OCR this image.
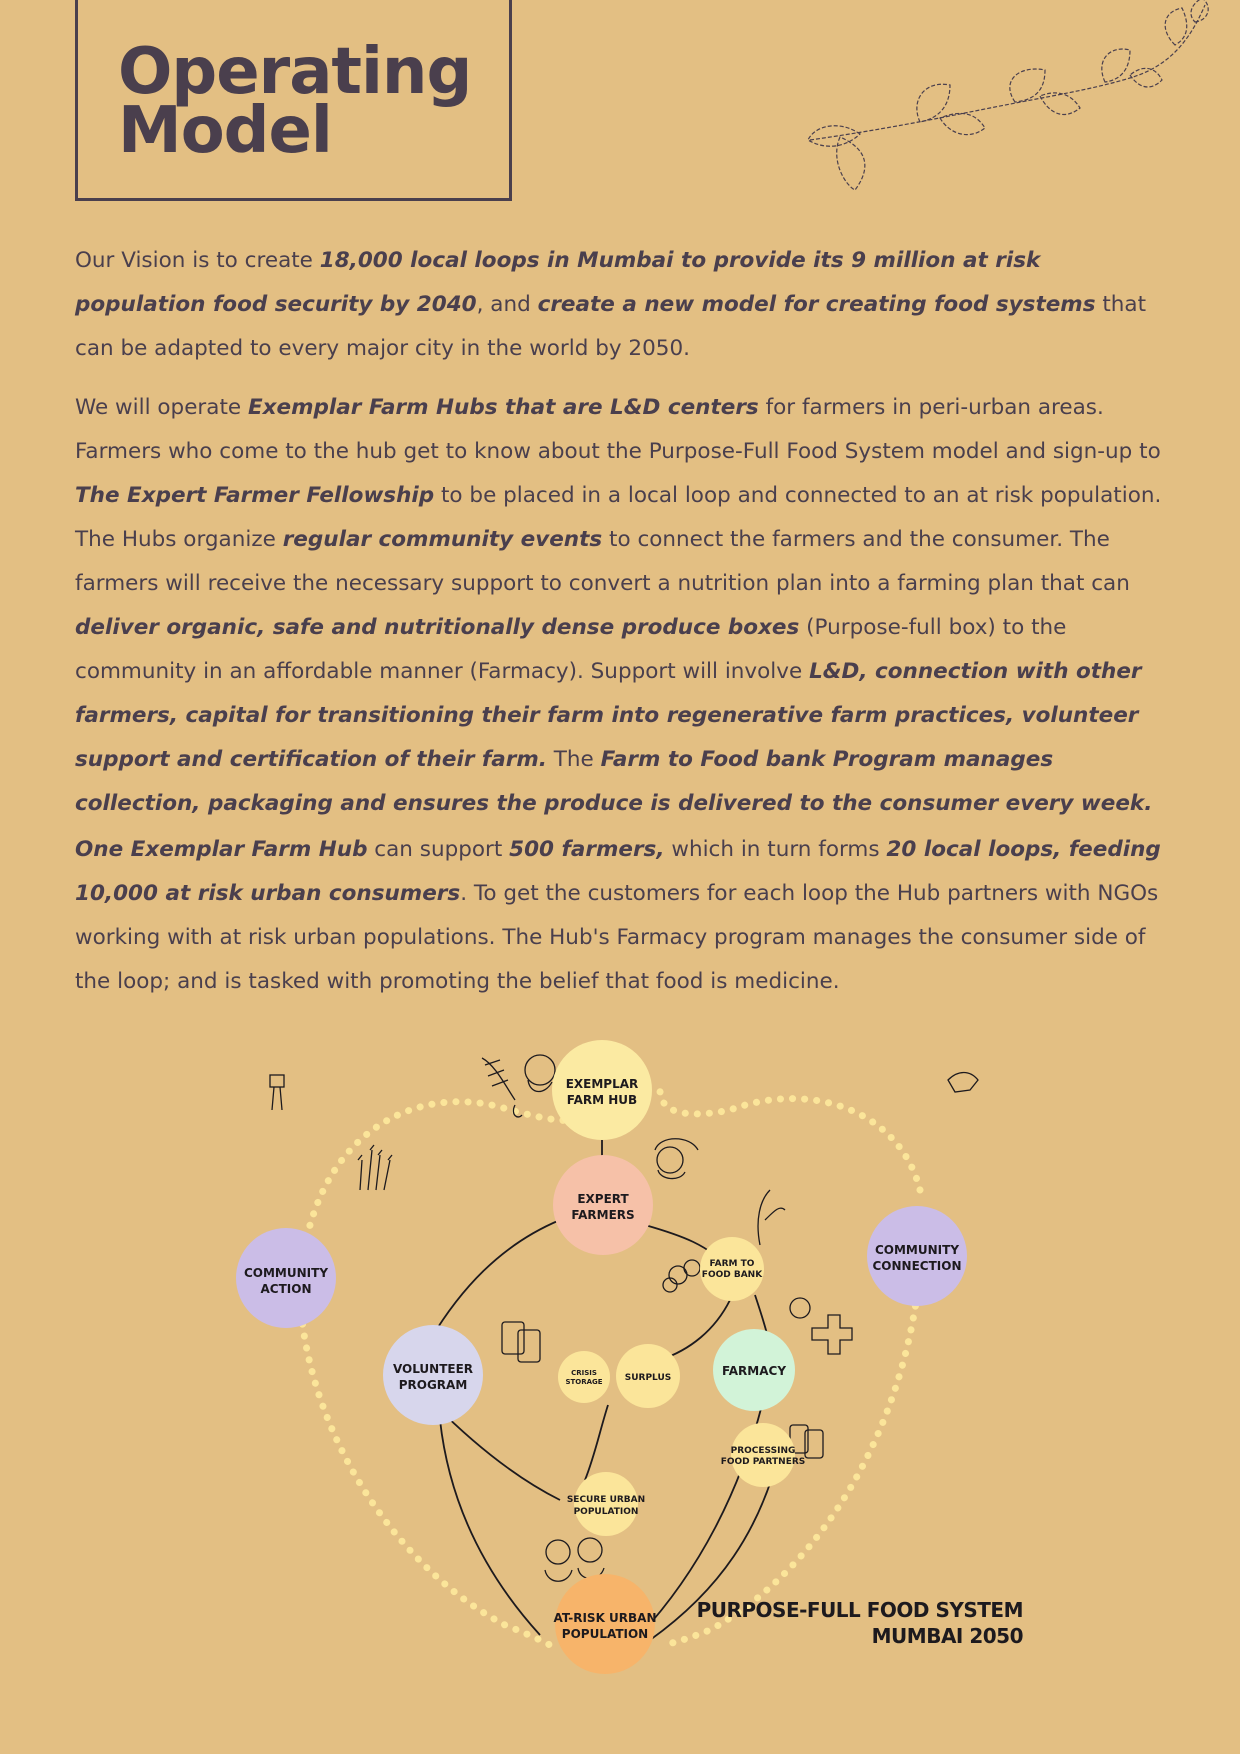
Operating
Model

Our Vision is to create 18,000 local loops in Mumbai to provide its 9 million at risk population food security by 2040, and create a new model for creating food systems that can be adapted to every major city in the world by 2050.

We will operate Exemplar Farm Hubs that are L&D centers for farmers in peri-urban areas. Farmers who come to the hub get to know about the Purpose-Full Food System model and sign-up to The Expert Farmer Fellowship to be placed in a local loop and connected to an at risk population. The Hubs organize regular community events to connect the farmers and the consumer. The farmers will receive the necessary support to convert a nutrition plan into a farming plan that can deliver organic, safe and nutritionally dense produce boxes (Purpose-full box) to the community in an affordable manner (Farmacy). Support will involve L&D, connection with other farmers, capital for transitioning their farm into regenerative farm practices, volunteer support and certification of their farm. The Farm to Food bank Program manages collection, packaging and ensures the produce is delivered to the consumer every week.

One Exemplar Farm Hub can support 500 farmers, which in turn forms 20 local loops, feeding 10,000 at risk urban consumers. To get the customers for each loop the Hub partners with NGOs working with at risk urban populations. The Hub's Farmacy program manages the consumer side of the loop; and is tasked with promoting the belief that food is medicine.

EXEMPLAR
FARM HUB
EXPERT
FARMERS
COMMUNITY
ACTION
COMMUNITY
CONNECTION
FARM TO
FOOD BANK
VOLUNTEER
PROGRAM
CRISIS
STORAGE SURPLUS	FARMACY
PROCESSING
FOOD PARTNERS
SECURE URBAN
POPULATION
AT-RISK URBAN
POPULATION
PURPOSE-FULL FOOD SYSTEM
MUMBAI 2050
